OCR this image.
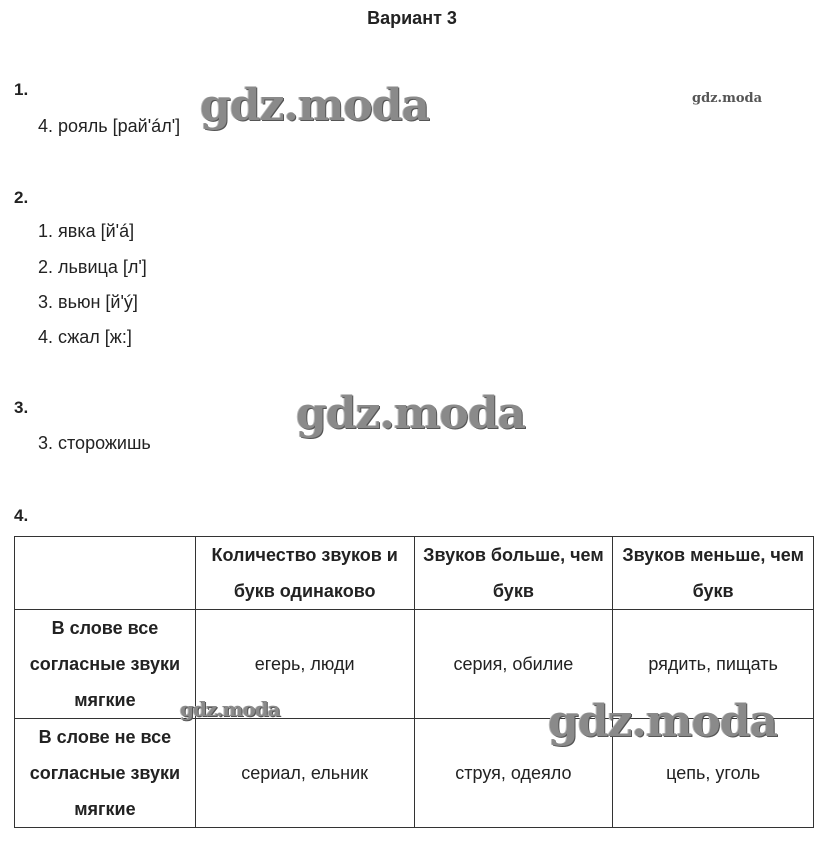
Вариант 3
1.
4. рояль [рай'áл']
2.
1. явка [й'á]
2. львица [л']
3. вьюн [й'ý]
4. сжал [ж:]
3.
3. сторожишь
4.
	Количество звуков и букв одинаково	Звуков больше, чем букв	Звуков меньше, чем букв
В слове все согласные звуки мягкие	егерь, люди	серия, обилие	рядить, пищать
В слове не все согласные звуки мягкие	сериал, ельник	струя, одеяло	цепь, уголь
gdz.moda	gdz.moda
gdz.moda
gdz.moda	gdz.moda
